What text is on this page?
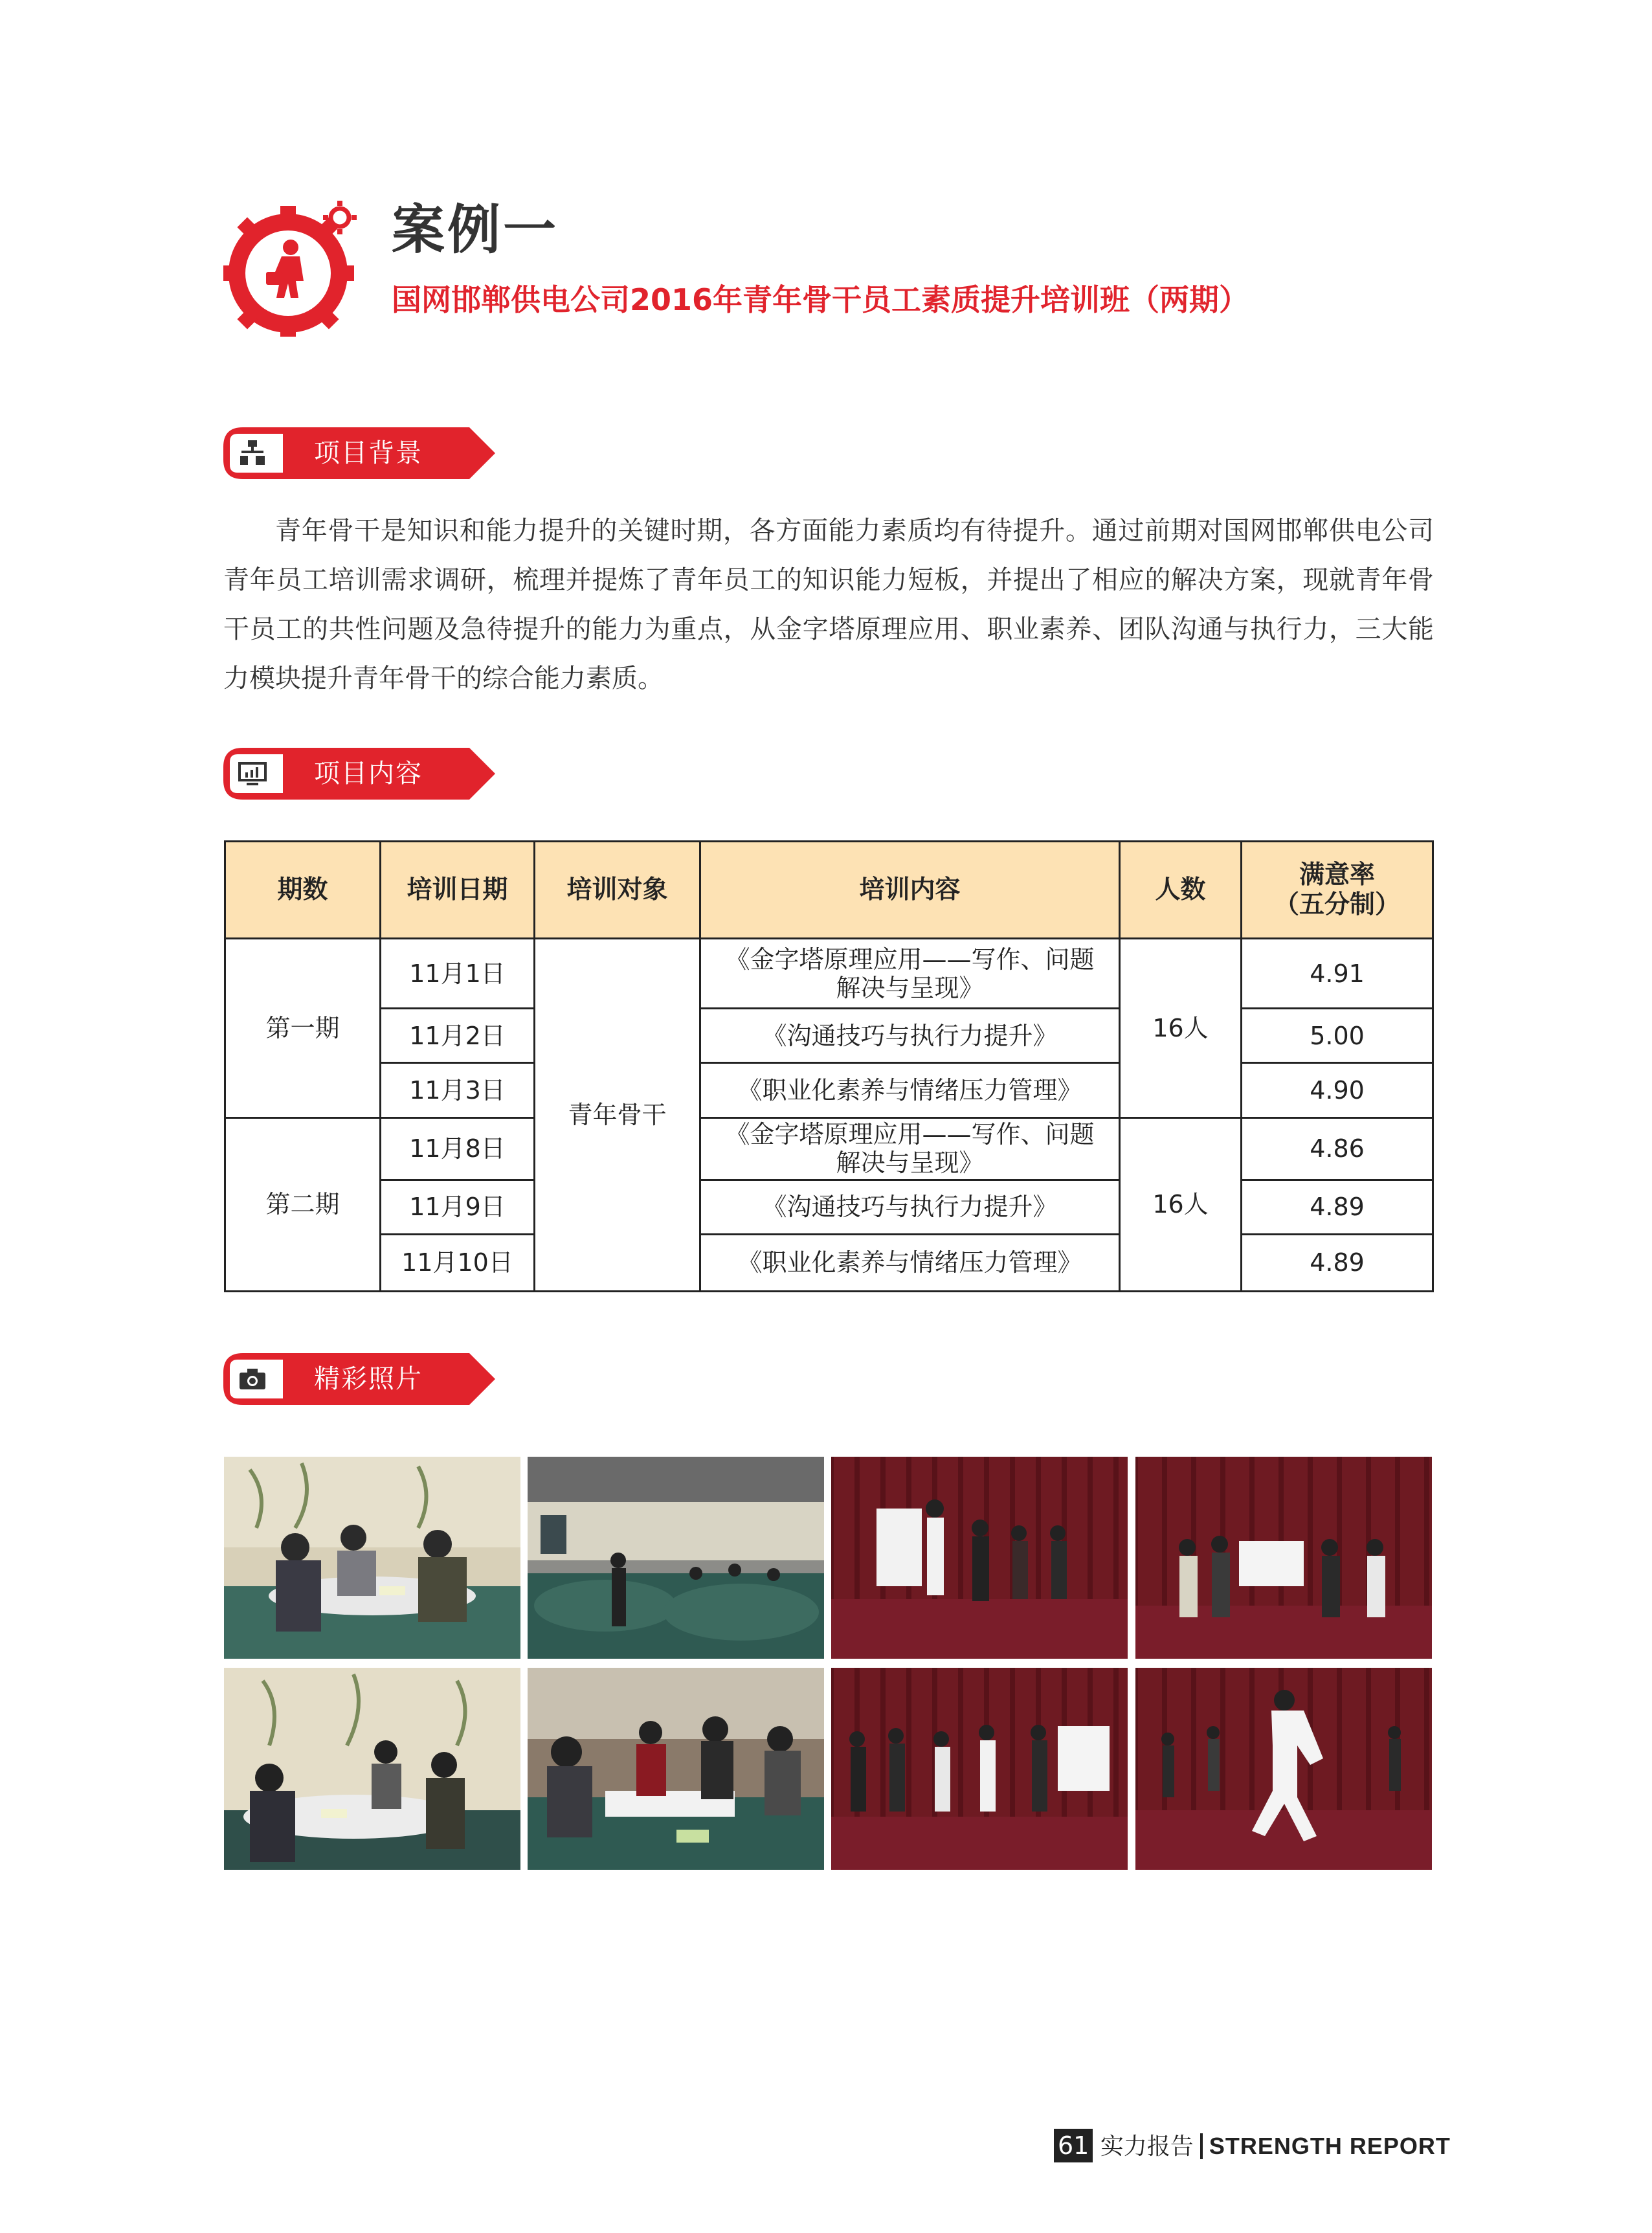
案例一
国网邯郸供电公司2016年青年骨干员工素质提升培训班（两期）
项目背景

青年骨干是知识和能力提升的关键时期，各方面能力素质均有待提升。通过前期对国网邯郸供电公司青年员工培训需求调研，梳理并提炼了青年员工的知识能力短板，并提出了相应的解决方案，现就青年骨干员工的共性问题及急待提升的能力为重点，从金字塔原理应用、职业素养、团队沟通与执行力，三大能力模块提升青年骨干的综合能力素质。

项目内容
期数	培训日期	培训对象	培训内容	人数	满意率
（五分制）

第一期	11月1日	青年骨干	《金字塔原理应用——写作、问题
解决与呈现》	16人	4.91
	11月2日		《沟通技巧与执行力提升》		5.00
	11月3日		《职业化素养与情绪压力管理》		4.90
第二期	11月8日		《金字塔原理应用——写作、问题
解决与呈现》	16人	4.86
	11月9日		《沟通技巧与执行力提升》		4.89
	11月10日		《职业化素养与情绪压力管理》		4.89
精彩照片
61 实力报告 STRENGTH REPORT
